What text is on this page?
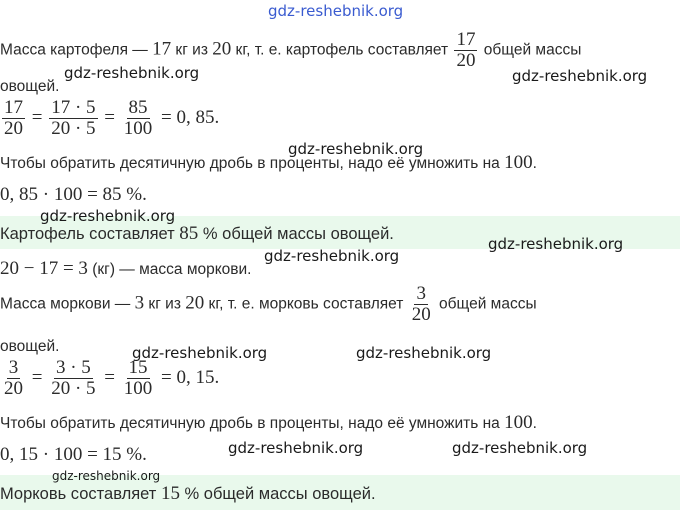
Масса картофеля — 17 кг из 20 кг, т. е. картофель составляет $\frac{17}{20}$ общей массы
овощей.
$\frac{17}{20} = \frac{17 \cdot 5}{20 \cdot 5} = \frac{85}{100} = 0$, 85.
Чтобы обратить десятичную дробь в проценты, надо её умножить на 100.
0, 85 · 100 = 85 %.
Картофель составляет 85 % общей массы овощей.
20 − 17 = 3 (кг) — масса моркови.
Масса моркови — 3 кг из 20 кг, т. е. морковь составляет $\frac{3}{20}$ общей массы
овощей.
$\frac{3}{20} = \frac{3 \cdot 5}{20 \cdot 5} = \frac{15}{100} = 0$, 15.
Чтобы обратить десятичную дробь в проценты, надо её умножить на 100.
0, 15 · 100 = 15 %.
Морковь составляет 15 % общей массы овощей.
gdz-reshebnik.org
gdz-reshebnik.org	gdz-reshebnik.org
gdz-reshebnik.org
gdz-reshebnik.org
gdz-reshebnik.org
gdz-reshebnik.org
gdz-reshebnik.org	gdz-reshebnik.org
gdz-reshebnik.org	gdz-reshebnik.org
gdz-reshebnik.org
